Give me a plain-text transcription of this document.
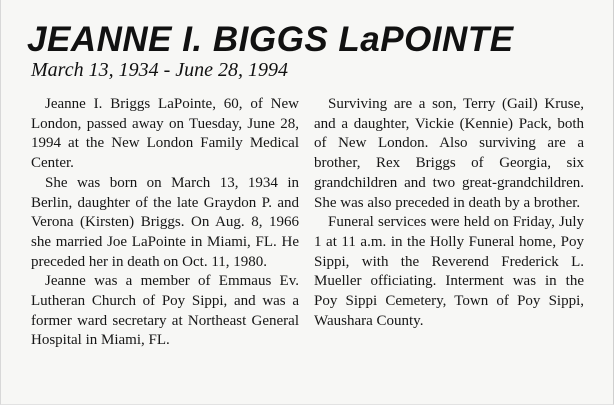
JEANNE I. BIGGS LaPOINTE
March 13, 1934 - June 28, 1994

Jeanne I. Briggs LaPointe, 60, of New London, passed away on Tuesday, June 28, 1994 at the New London Family Medical Center.

She was born on March 13, 1934 in Berlin, daughter of the late Graydon P. and Verona (Kirsten) Briggs. On Aug. 8, 1966 she married Joe LaPointe in Miami, FL. He preceded her in death on Oct. 11, 1980.

Jeanne was a member of Emmaus Ev. Lutheran Church of Poy Sippi, and was a former ward secretary at Northeast General Hospital in Miami, FL.

Surviving are a son, Terry (Gail) Kruse, and a daughter, Vickie (Kennie) Pack, both of New London. Also surviving are a brother, Rex Briggs of Georgia, six grandchildren and two great-grandchildren. She was also preceded in death by a brother.

Funeral services were held on Friday, July 1 at 11 a.m. in the Holly Funeral home, Poy Sippi, with the Reverend Frederick L. Mueller officiating. Interment was in the Poy Sippi Cemetery, Town of Poy Sippi, Waushara County.
